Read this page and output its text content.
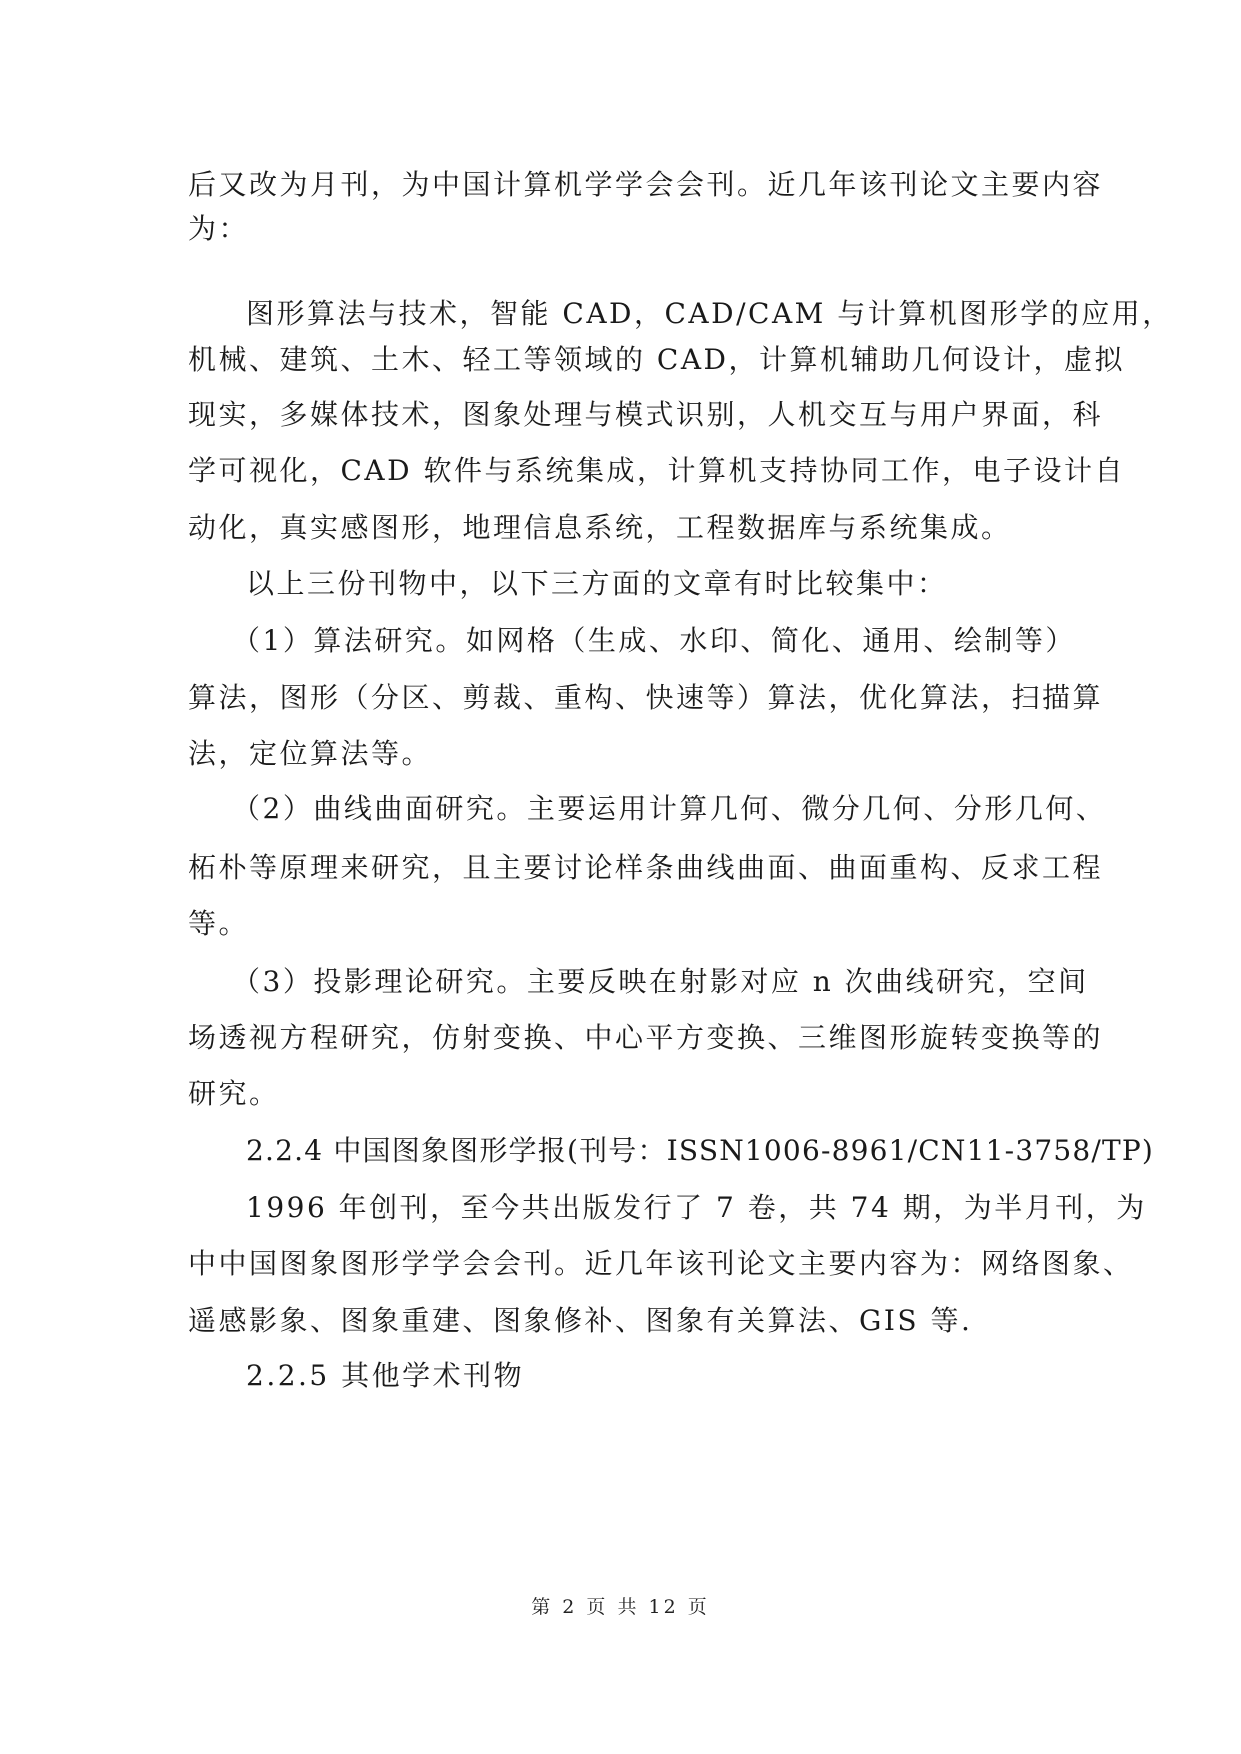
后又改为月刊，为中国计算机学学会会刊。近几年该刊论文主要内容
为：
图形算法与技术，智能 CAD，CAD/CAM 与计算机图形学的应用，
机械、建筑、土木、轻工等领域的 CAD，计算机辅助几何设计，虚拟
现实，多媒体技术，图象处理与模式识别，人机交互与用户界面，科
学可视化，CAD 软件与系统集成，计算机支持协同工作，电子设计自
动化，真实感图形，地理信息系统，工程数据库与系统集成。
以上三份刊物中，以下三方面的文章有时比较集中：
（1）算法研究。如网格（生成、水印、简化、通用、绘制等）
算法，图形（分区、剪裁、重构、快速等）算法，优化算法，扫描算
法，定位算法等。
（2）曲线曲面研究。主要运用计算几何、微分几何、分形几何、
柘朴等原理来研究，且主要讨论样条曲线曲面、曲面重构、反求工程
等。
（3）投影理论研究。主要反映在射影对应 n 次曲线研究，空间
场透视方程研究，仿射变换、中心平方变换、三维图形旋转变换等的
研究。
2.2.4 中国图象图形学报(刊号：ISSN1006-8961/CN11-3758/TP)
1996 年创刊，至今共出版发行了 7 卷，共 74 期，为半月刊，为
中中国图象图形学学会会刊。近几年该刊论文主要内容为：网络图象、
遥感影象、图象重建、图象修补、图象有关算法、GIS 等.
2.2.5 其他学术刊物
第 2 页 共 12 页
